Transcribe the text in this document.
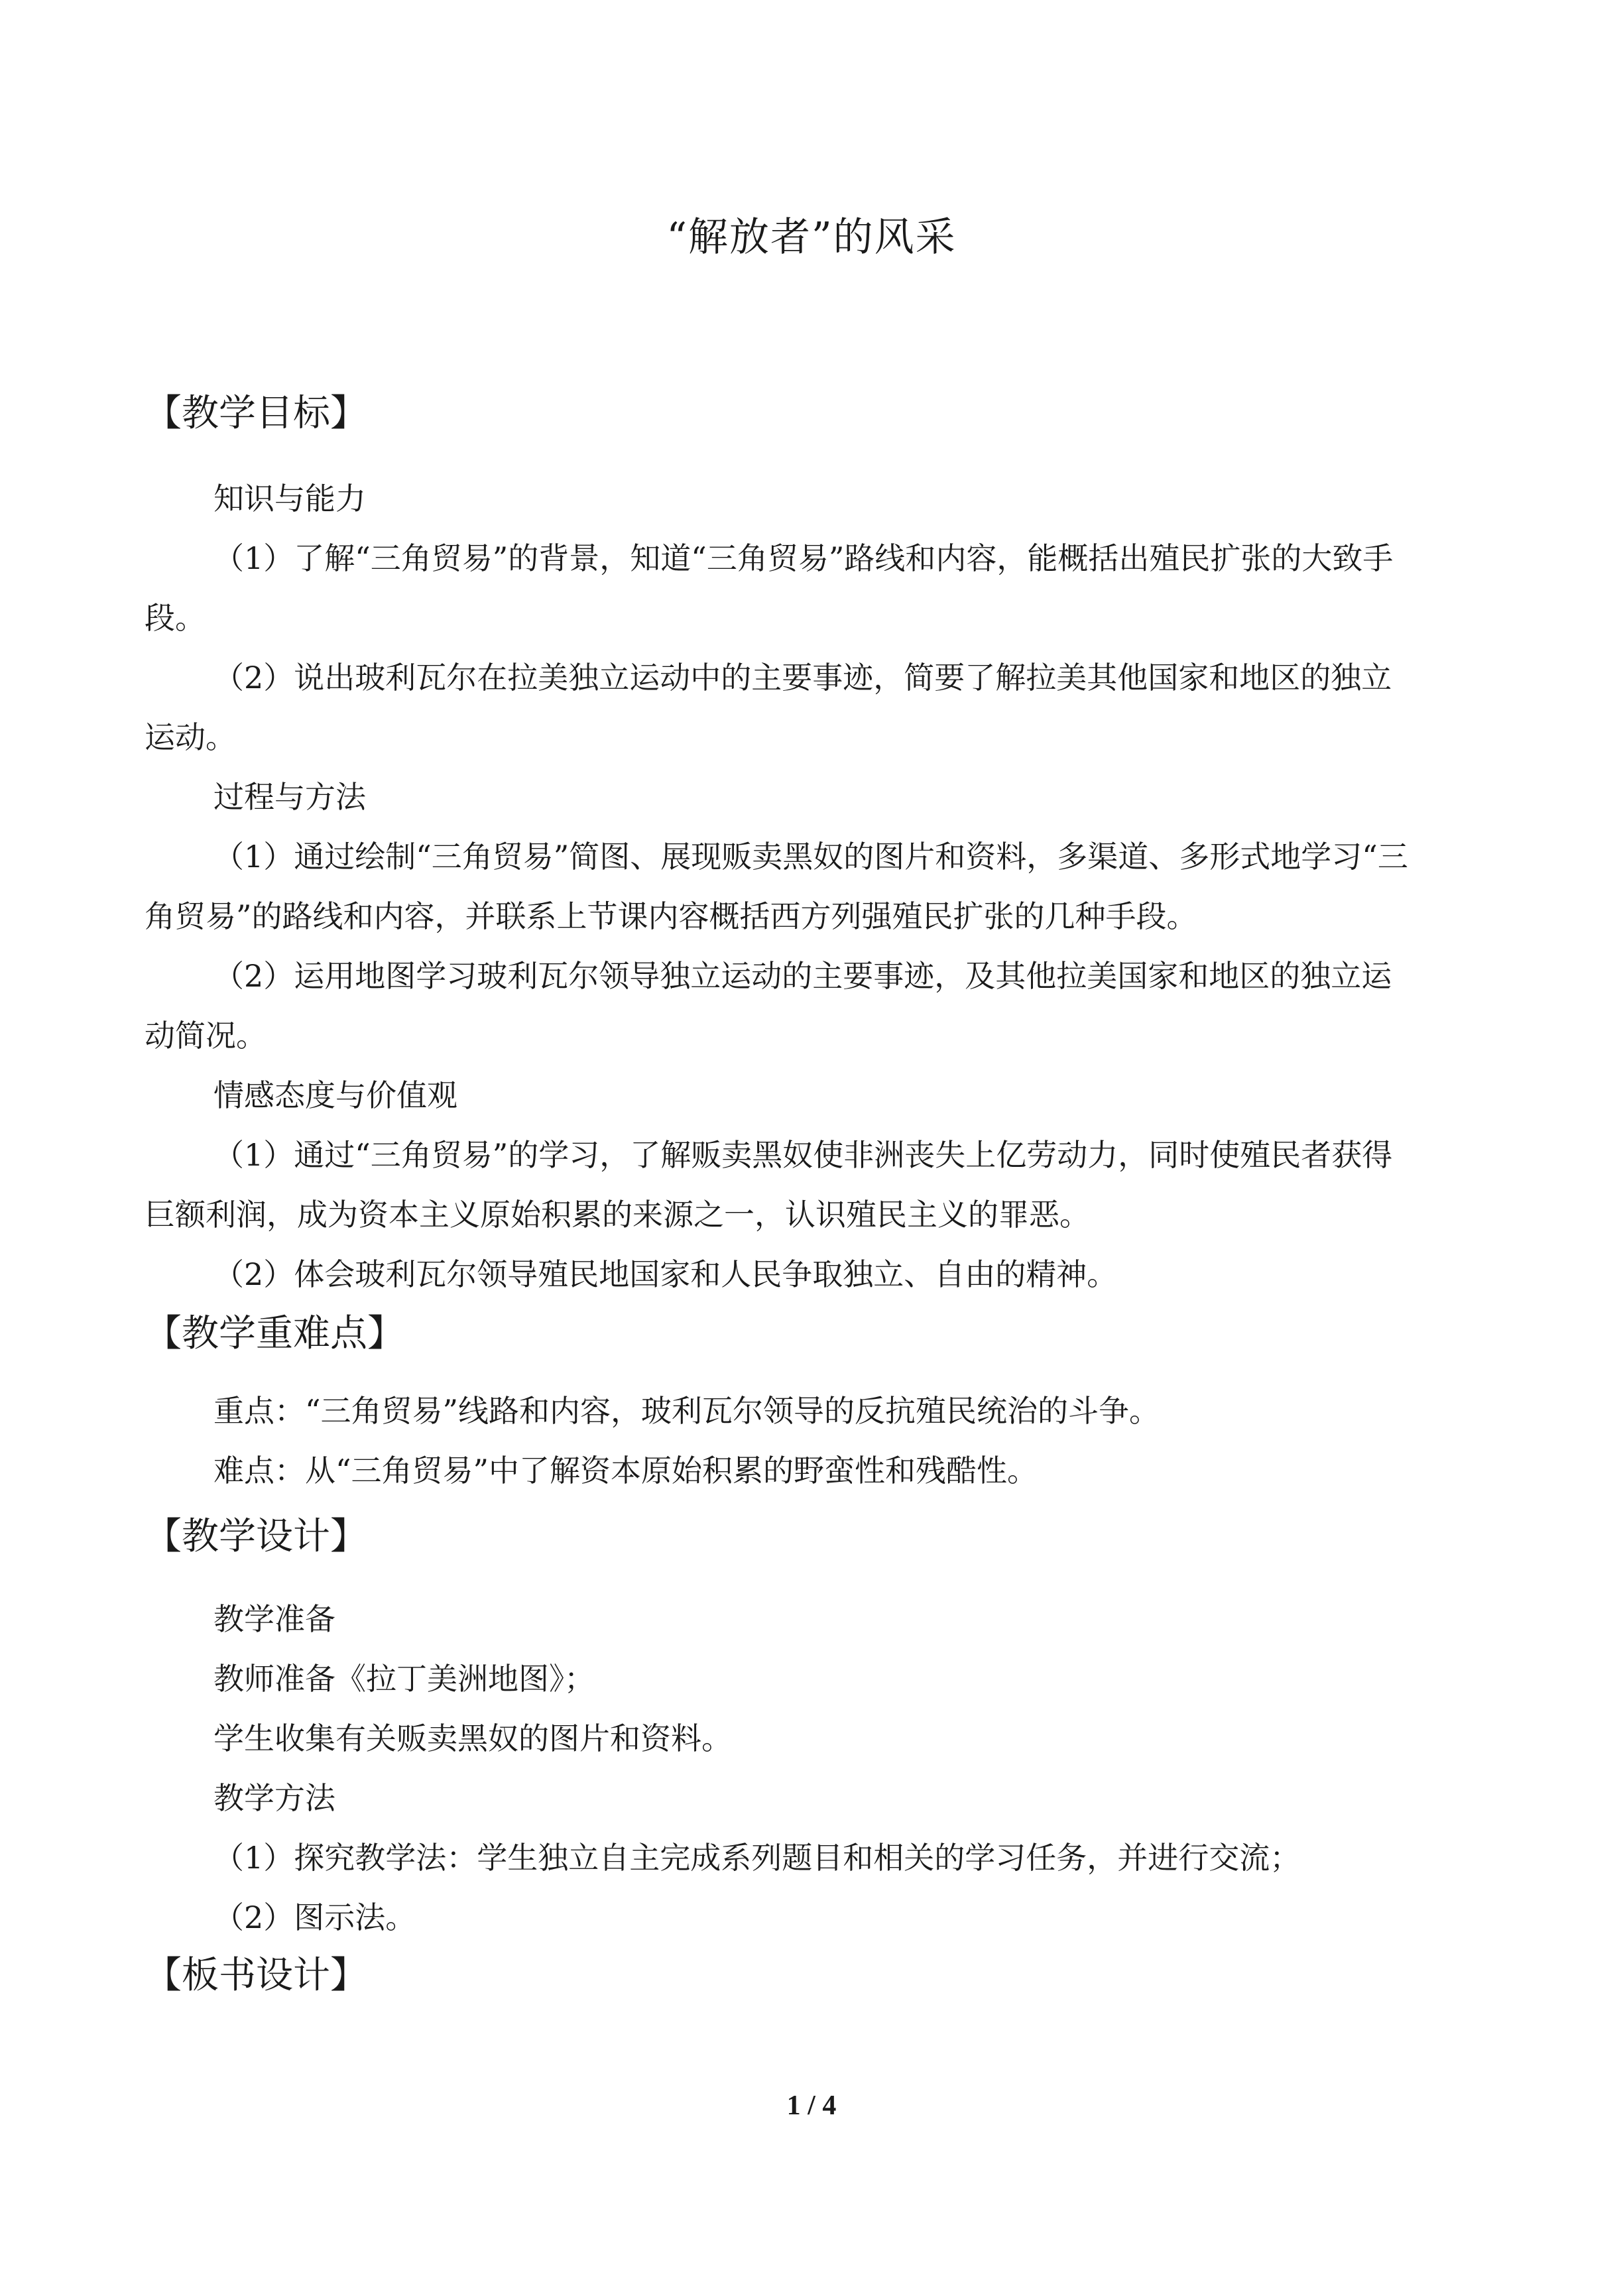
“解放者”的风采
【教学目标】
知识与能力
（1）了解“三角贸易”的背景，知道“三角贸易”路线和内容，能概括出殖民扩张的大致手
段。
（2）说出玻利瓦尔在拉美独立运动中的主要事迹，简要了解拉美其他国家和地区的独立
运动。
过程与方法
（1）通过绘制“三角贸易”简图、展现贩卖黑奴的图片和资料，多渠道、多形式地学习“三
角贸易”的路线和内容，并联系上节课内容概括西方列强殖民扩张的几种手段。
（2）运用地图学习玻利瓦尔领导独立运动的主要事迹，及其他拉美国家和地区的独立运
动简况。
情感态度与价值观
（1）通过“三角贸易”的学习，了解贩卖黑奴使非洲丧失上亿劳动力，同时使殖民者获得
巨额利润，成为资本主义原始积累的来源之一，认识殖民主义的罪恶。
（2）体会玻利瓦尔领导殖民地国家和人民争取独立、自由的精神。
【教学重难点】
重点：“三角贸易”线路和内容，玻利瓦尔领导的反抗殖民统治的斗争。
难点：从“三角贸易”中了解资本原始积累的野蛮性和残酷性。
【教学设计】
教学准备
教师准备《拉丁美洲地图》；
学生收集有关贩卖黑奴的图片和资料。
教学方法
（1）探究教学法：学生独立自主完成系列题目和相关的学习任务，并进行交流；
（2）图示法。
【板书设计】
1 / 4
